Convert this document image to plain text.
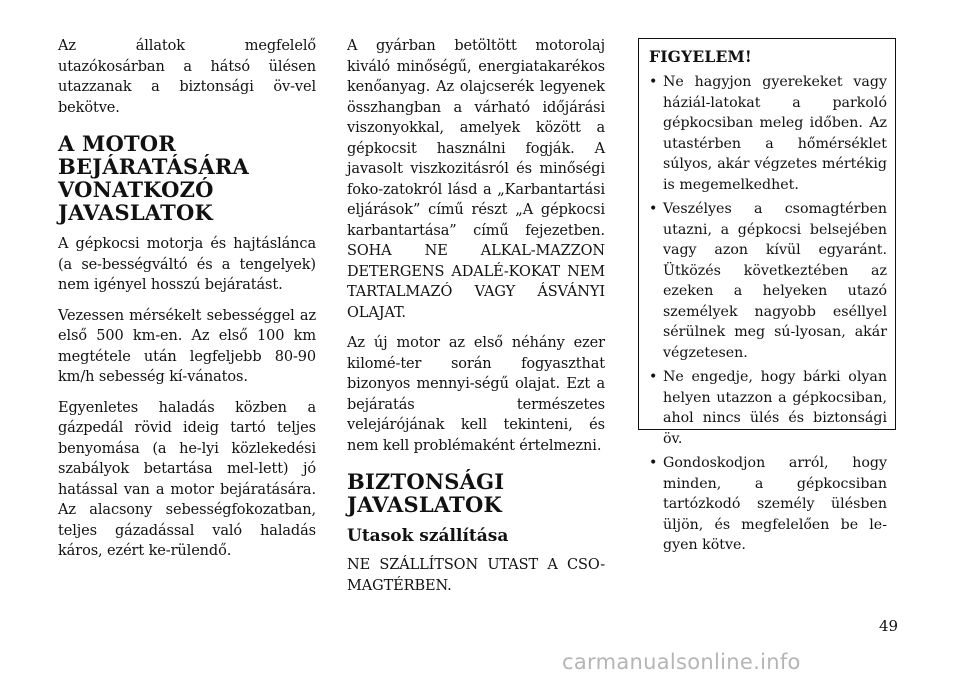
Az állatok megfelelő utazókosárban a hátsó ülésen utazzanak a biztonsági öv-vel bekötve.

A MOTOR BEJÁRATÁSÁRA VONATKOZÓ JAVASLATOK

A gépkocsi motorja és hajtáslánca (a se-bességváltó és a tengelyek) nem igényel hosszú bejáratást.

Vezessen mérsékelt sebességgel az első 500 km-en. Az első 100 km megtétele után legfeljebb 80-90 km/h sebesség kí-vánatos.

Egyenletes haladás közben a gázpedál rövid ideig tartó teljes benyomása (a he-lyi közlekedési szabályok betartása mel-lett) jó hatással van a motor bejáratására. Az alacsony sebességfokozatban, teljes gázadással való haladás káros, ezért ke-rülendő.

A gyárban betöltött motorolaj kiváló minőségű, energiatakarékos kenőanyag. Az olajcserék legyenek összhangban a várható időjárási viszonyokkal, amelyek között a gépkocsit használni fogják. A javasolt viszkozitásról és minőségi foko-zatokról lásd a „Karbantartási eljárások” című részt „A gépkocsi karbantartása” című fejezetben. SOHA NE ALKAL-MAZZON DETERGENS ADALÉ-KOKAT NEM TARTALMAZÓ VAGY ÁSVÁNYI OLAJAT.

Az új motor az első néhány ezer kilomé-ter során fogyaszthat bizonyos mennyi-ségű olajat. Ezt a bejáratás természetes velejárójának kell tekinteni, és nem kell problémaként értelmezni.

BIZTONSÁGI JAVASLATOK
Utasok szállítása

NE SZÁLLÍTSON UTAST A CSO-MAGTÉRBEN.

FIGYELEM!
• Ne hagyjon gyerekeket vagy háziál-latokat a parkoló gépkocsiban meleg időben. Az utastérben a hőmérséklet súlyos, akár végzetes mértékig is megemelkedhet.
• Veszélyes a csomagtérben utazni, a gépkocsi belsejében vagy azon kívül egyaránt. Ütközés következtében az ezeken a helyeken utazó személyek nagyobb eséllyel sérülnek meg sú-lyosan, akár végzetesen.
• Ne engedje, hogy bárki olyan helyen utazzon a gépkocsiban, ahol nincs ülés és biztonsági öv.
• Gondoskodjon arról, hogy minden, a gépkocsiban tartózkodó személy ülésben üljön, és megfelelően be le-gyen kötve.
49
carmanualsonline.info
